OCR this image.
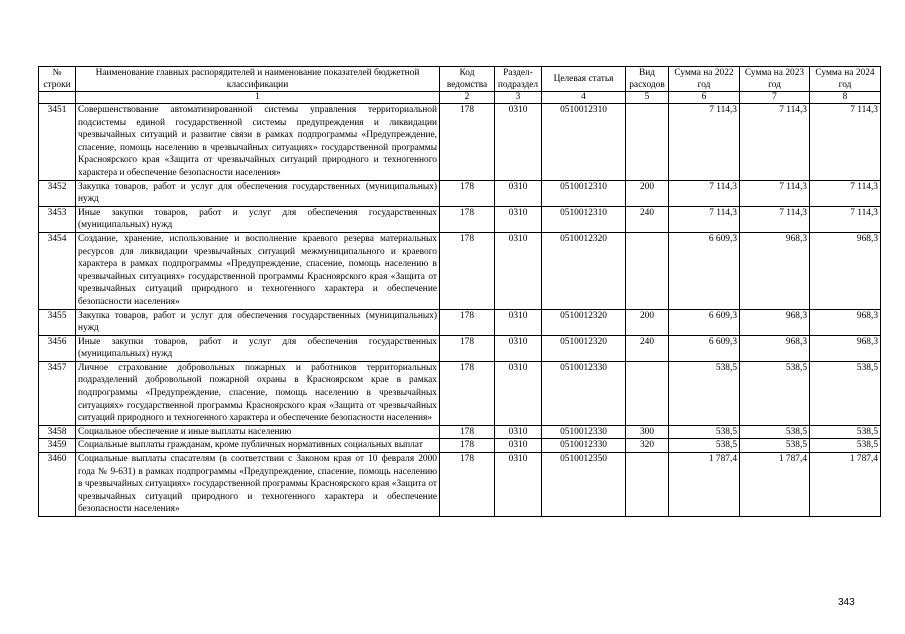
№ строки	Наименование главных распорядителей и наименование показателей бюджетной классификации	Код ведомства	Раздел-подраздел	Целевая статья	Вид расходов	Сумма на 2022 год	Сумма на 2023 год	Сумма на 2024 год
	1	2	3	4	5	6	7	8
3451	Совершенствование автоматизированной системы управления территориальной подсистемы единой государственной системы предупреждения и ликвидации чрезвычайных ситуаций и развитие связи в рамках подпрограммы «Предупреждение, спасение, помощь населению в чрезвычайных ситуациях» государственной программы Красноярского края «Защита от чрезвычайных ситуаций природного и техногенного характера и обеспечение безопасности населения»	178	0310	0510012310		7 114,3	7 114,3	7 114,3
3452	Закупка товаров, работ и услуг для обеспечения государственных (муниципальных) нужд	178	0310	0510012310	200	7 114,3	7 114,3	7 114,3
3453	Иные закупки товаров, работ и услуг для обеспечения государственных (муниципальных) нужд	178	0310	0510012310	240	7 114,3	7 114,3	7 114,3
3454	Создание, хранение, использование и восполнение краевого резерва материальных ресурсов для ликвидации чрезвычайных ситуаций межмуниципального и краевого характера в рамках подпрограммы «Предупреждение, спасение, помощь населению в чрезвычайных ситуациях» государственной программы Красноярского края «Защита от чрезвычайных ситуаций природного и техногенного характера и обеспечение безопасности населения»	178	0310	0510012320		6 609,3	968,3	968,3
3455	Закупка товаров, работ и услуг для обеспечения государственных (муниципальных) нужд	178	0310	0510012320	200	6 609,3	968,3	968,3
3456	Иные закупки товаров, работ и услуг для обеспечения государственных (муниципальных) нужд	178	0310	0510012320	240	6 609,3	968,3	968,3
3457	Личное страхование добровольных пожарных и работников территориальных подразделений добровольной пожарной охраны в Красноярском крае в рамках подпрограммы «Предупреждение, спасение, помощь населению в чрезвычайных ситуациях» государственной программы Красноярского края «Защита от чрезвычайных ситуаций природного и техногенного характера и обеспечение безопасности населения»	178	0310	0510012330		538,5	538,5	538,5
3458	Социальное обеспечение и иные выплаты населению	178	0310	0510012330	300	538,5	538,5	538,5
3459	Социальные выплаты гражданам, кроме публичных нормативных социальных выплат	178	0310	0510012330	320	538,5	538,5	538,5
3460	Социальные выплаты спасателям (в соответствии с Законом края от 10 февраля 2000 года № 9-631) в рамках подпрограммы «Предупреждение, спасение, помощь населению в чрезвычайных ситуациях» государственной программы Красноярского края «Защита от чрезвычайных ситуаций природного и техногенного характера и обеспечение безопасности населения»	178	0310	0510012350		1 787,4	1 787,4	1 787,4
343
